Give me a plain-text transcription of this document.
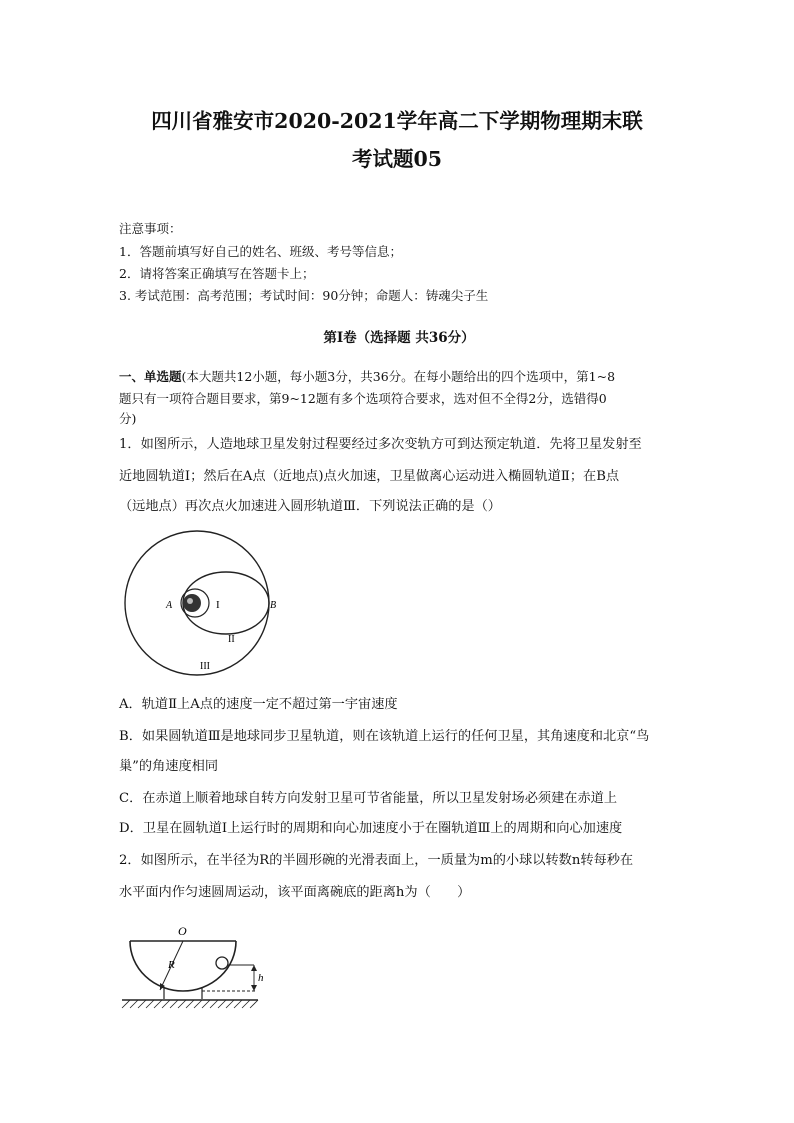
四川省雅安市2020-2021学年高二下学期物理期末联
考试题05
注意事项：
1．答题前填写好自己的姓名、班级、考号等信息；
2．请将答案正确填写在答题卡上；
3. 考试范围：高考范围；考试时间：90分钟；命题人：铸魂尖子生
第I卷（选择题 共36分）
一、单选题(本大题共12小题，每小题3分，共36分。在每小题给出的四个选项中，第1~8
题只有一项符合题目要求，第9~12题有多个选项符合要求，选对但不全得2分，选错得0
分)
1．如图所示，人造地球卫星发射过程要经过多次变轨方可到达预定轨道．先将卫星发射至
近地圆轨道I；然后在A点（近地点)点火加速，卫星做离心运动进入椭圆轨道Ⅱ；在B点
（远地点）再次点火加速进入圆形轨道Ⅲ．下列说法正确的是（）
A	B
I
II
III
A．轨道Ⅱ上A点的速度一定不超过第一宇宙速度
B．如果圆轨道Ⅲ是地球同步卫星轨道，则在该轨道上运行的任何卫星，其角速度和北京“鸟
巢”的角速度相同
C．在赤道上顺着地球自转方向发射卫星可节省能量，所以卫星发射场必须建在赤道上
D．卫星在圆轨道I上运行时的周期和向心加速度小于在圈轨道Ⅲ上的周期和向心加速度
2．如图所示，在半径为R的半圆形碗的光滑表面上，一质量为m的小球以转数n转每秒在
水平面内作匀速圆周运动，该平面离碗底的距离h为（　　）
O
R
h
